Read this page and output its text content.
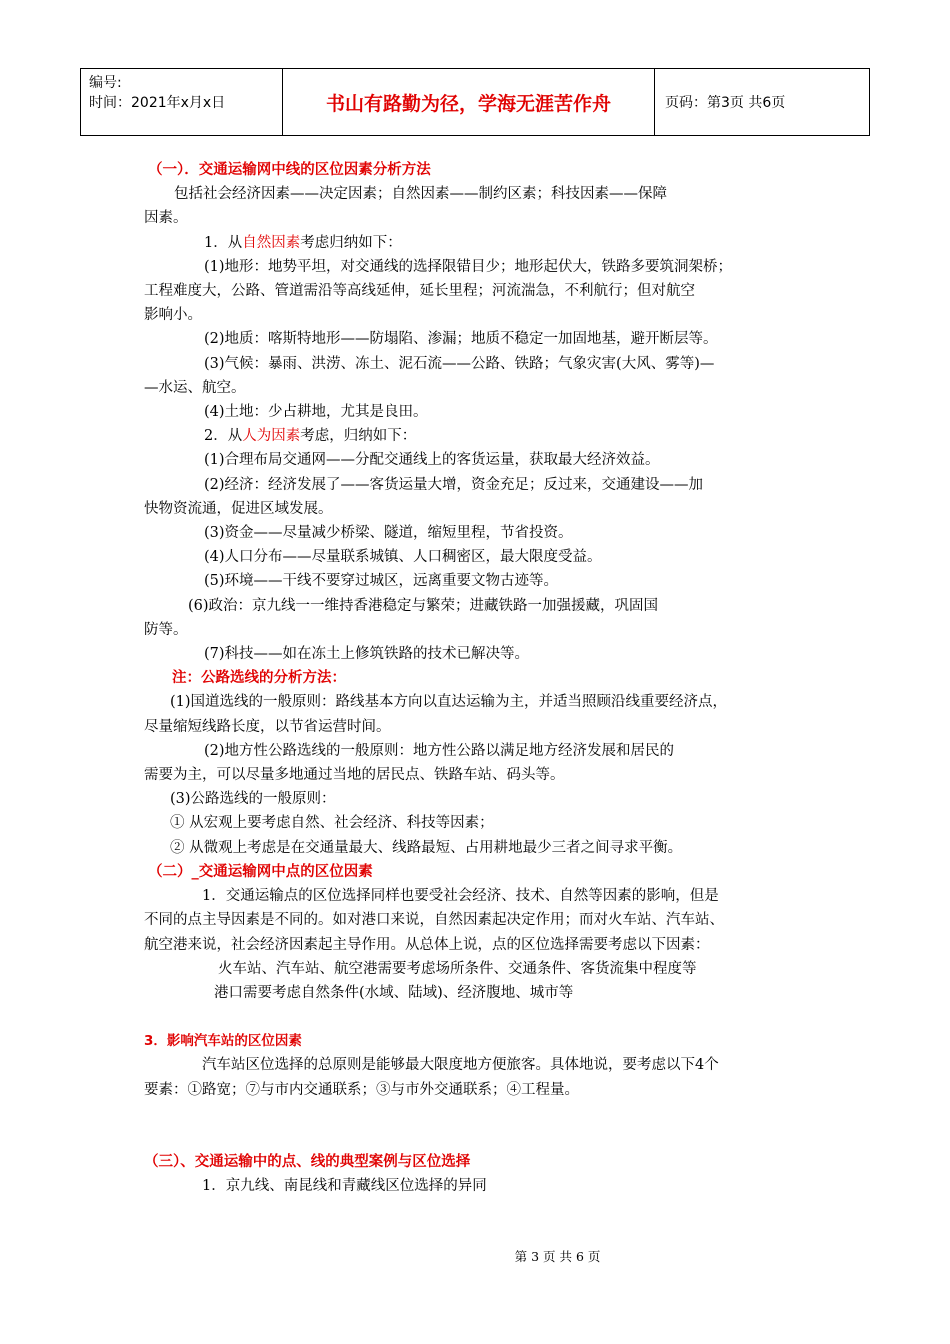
编号:
时间：2021年x月x日	书山有路勤为径，学海无涯苦作舟	页码：第3页 共6页
（一）．交通运输网中线的区位因素分析方法
包括社会经济因素——决定因素；自然因素——制约区素；科技因素——保障
因素。
1．从自然因素考虑归纳如下：
(1)地形：地势平坦，对交通线的选择限错目少；地形起伏大，铁路多要筑洞架桥；
工程难度大，公路、管道需沿等高线延伸，延长里程；河流湍急，不利航行；但对航空
影响小。
(2)地质：喀斯特地形——防塌陷、渗漏；地质不稳定一加固地基，避开断层等。
(3)气候：暴雨、洪涝、冻土、泥石流——公路、铁路；气象灾害(大风、雾等)—
—水运、航空。
(4)土地：少占耕地，尤其是良田。
2．从人为因素考虑，归纳如下：
(1)合理布局交通网——分配交通线上的客货运量，获取最大经济效益。
(2)经济：经济发展了——客货运量大增，资金充足；反过来，交通建设——加
快物资流通，促进区域发展。
(3)资金——尽量减少桥梁、隧道，缩短里程，节省投资。
(4)人口分布——尽量联系城镇、人口稠密区，最大限度受益。
(5)环境——干线不要穿过城区，远离重要文物古迹等。
(6)政治：京九线一一维持香港稳定与繁荣；进藏铁路一加强援藏，巩固国
防等。
(7)科技——如在冻土上修筑铁路的技术已解决等。
注：公路选线的分析方法：
(1)国道选线的一般原则：路线基本方向以直达运输为主，并适当照顾沿线重要经济点，
尽量缩短线路长度，以节省运营时间。
(2)地方性公路选线的一般原则：地方性公路以满足地方经济发展和居民的
需要为主，可以尽量多地通过当地的居民点、铁路车站、码头等。
(3)公路选线的一般原则：
① 从宏观上要考虑自然、社会经济、科技等因素；
② 从微观上考虑是在交通量最大、线路最短、占用耕地最少三者之间寻求平衡。
（二）_交通运输网中点的区位因素
1．交通运输点的区位选择同样也要受社会经济、技术、自然等因素的影响，但是
不同的点主导因素是不同的。如对港口来说，自然因素起决定作用；而对火车站、汽车站、
航空港来说，社会经济因素起主导作用。从总体上说，点的区位选择需要考虑以下因素：
火车站、汽车站、航空港需要考虑场所条件、交通条件、客货流集中程度等
港口需要考虑自然条件(水域、陆域)、经济腹地、城市等
3．影响汽车站的区位因素
汽车站区位选择的总原则是能够最大限度地方便旅客。具体地说，要考虑以下4个
要素：①路宽；⑦与市内交通联系；③与市外交通联系；④工程量。
（三）、交通运输中的点、线的典型案例与区位选择
1．京九线、南昆线和青藏线区位选择的异同
第 3 页 共 6 页
